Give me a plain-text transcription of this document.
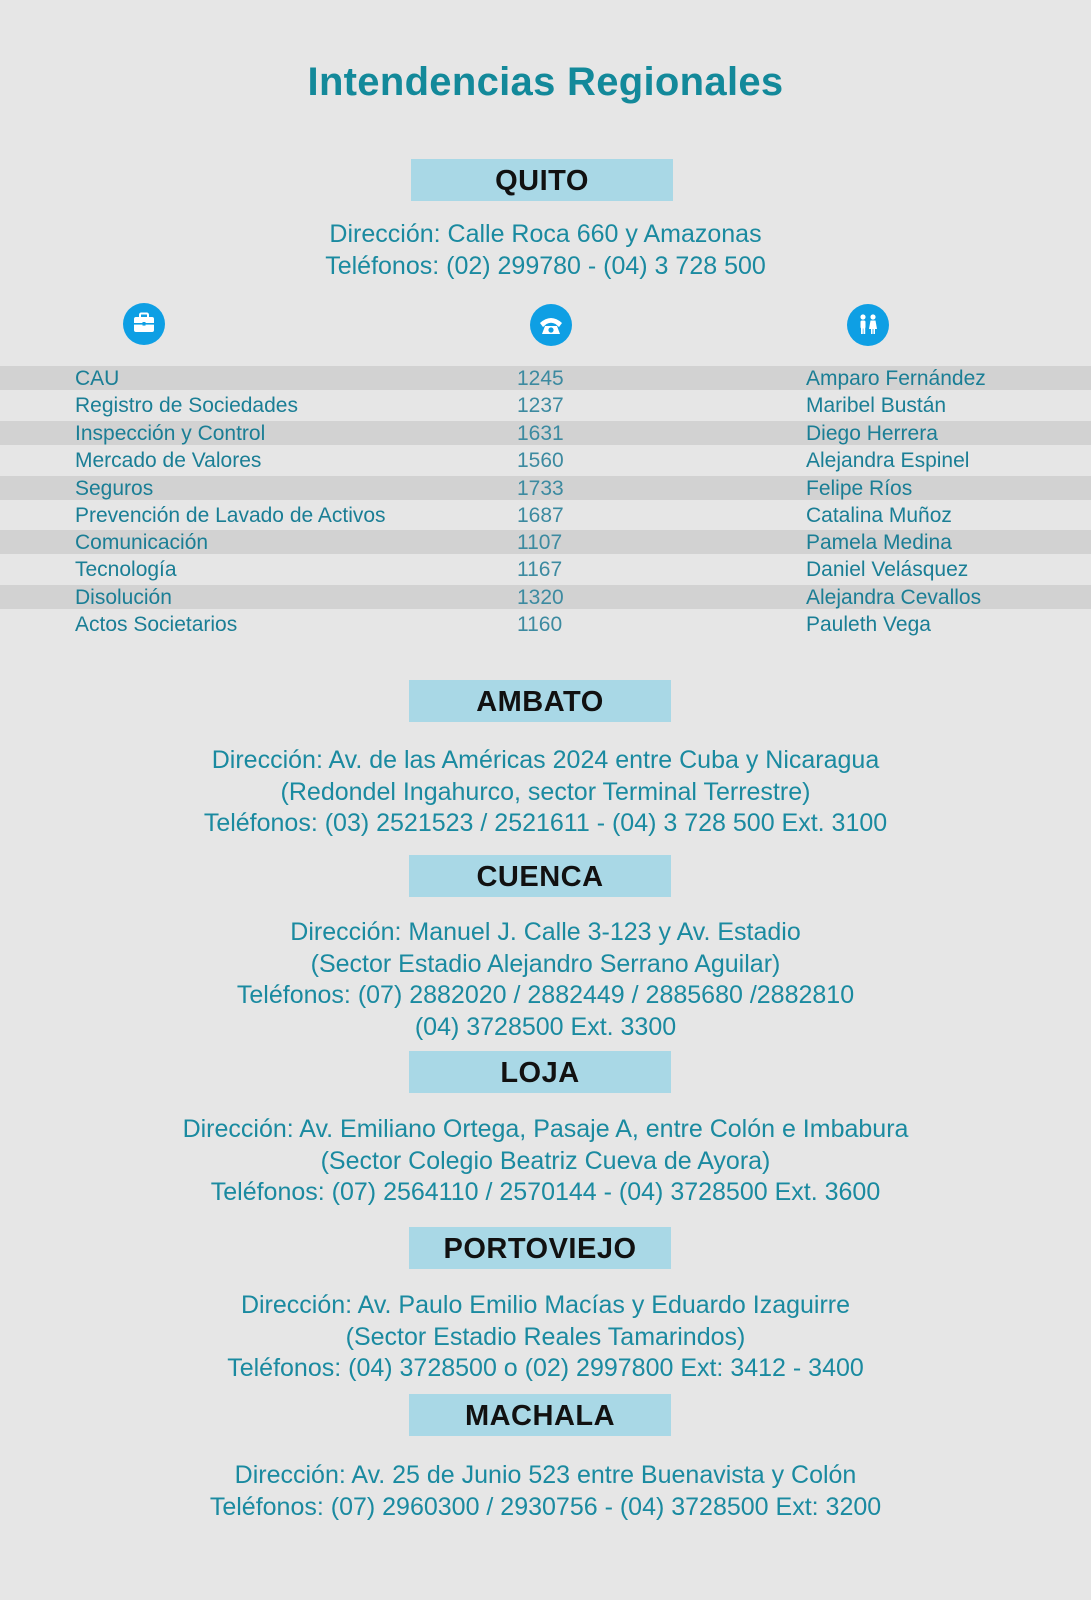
Intendencias Regionales
QUITO
Dirección: Calle Roca 660 y Amazonas
Teléfonos: (02) 299780 - (04) 3 728 500
CAU	1245	Amparo Fernández
Registro de Sociedades	1237	Maribel Bustán
Inspección y Control	1631	Diego Herrera
Mercado de Valores	1560	Alejandra Espinel
Seguros	1733	Felipe Ríos
Prevención de Lavado de Activos	1687	Catalina Muñoz
Comunicación	1107	Pamela Medina
Tecnología	1167	Daniel Velásquez
Disolución	1320	Alejandra Cevallos
Actos Societarios	1160	Pauleth Vega
AMBATO
Dirección: Av. de las Américas 2024 entre Cuba y Nicaragua
(Redondel Ingahurco, sector Terminal Terrestre)
Teléfonos: (03) 2521523 / 2521611 - (04) 3 728 500 Ext. 3100
CUENCA
Dirección: Manuel J. Calle 3-123 y Av. Estadio
(Sector Estadio Alejandro Serrano Aguilar)
Teléfonos: (07) 2882020 / 2882449 / 2885680 /2882810
(04) 3728500 Ext. 3300
LOJA
Dirección: Av. Emiliano Ortega, Pasaje A, entre Colón e Imbabura
(Sector Colegio Beatriz Cueva de Ayora)
Teléfonos: (07) 2564110 / 2570144 - (04) 3728500 Ext. 3600
PORTOVIEJO
Dirección: Av. Paulo Emilio Macías y Eduardo Izaguirre
(Sector Estadio Reales Tamarindos)
Teléfonos: (04) 3728500 o (02) 2997800 Ext: 3412 - 3400
MACHALA
Dirección: Av. 25 de Junio 523 entre Buenavista y Colón
Teléfonos: (07) 2960300 / 2930756 - (04) 3728500 Ext: 3200
